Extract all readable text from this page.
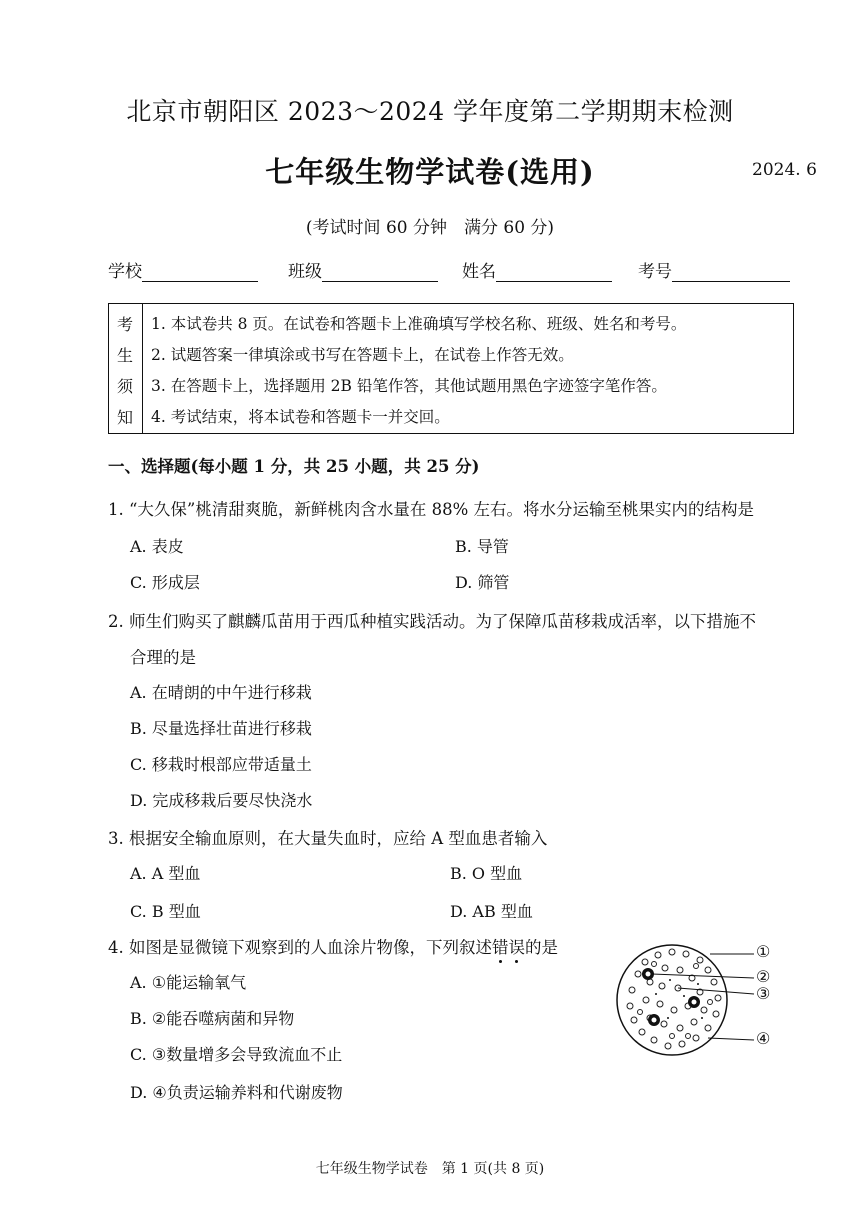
北京市朝阳区 2023～2024 学年度第二学期期末检测
七年级生物学试卷(选用)	2024. 6
(考试时间 60 分钟　满分 60 分)
学校	班级	姓名	考号
考
生
须
知
1. 本试卷共 8 页。在试卷和答题卡上准确填写学校名称、班级、姓名和考号。
2. 试题答案一律填涂或书写在答题卡上，在试卷上作答无效。
3. 在答题卡上，选择题用 2B 铅笔作答，其他试题用黑色字迹签字笔作答。
4. 考试结束，将本试卷和答题卡一并交回。
一、选择题(每小题 1 分，共 25 小题，共 25 分)
1. “大久保”桃清甜爽脆，新鲜桃肉含水量在 88% 左右。将水分运输至桃果实内的结构是
A. 表皮	B. 导管
C. 形成层	D. 筛管
2. 师生们购买了麒麟瓜苗用于西瓜种植实践活动。为了保障瓜苗移栽成活率，以下措施不
合理的是
A. 在晴朗的中午进行移栽
B. 尽量选择壮苗进行移栽
C. 移栽时根部应带适量土
D. 完成移栽后要尽快浇水
3. 根据安全输血原则，在大量失血时，应给 A 型血患者输入
A. A 型血	B. O 型血
C. B 型血	D. AB 型血
4. 如图是显微镜下观察到的人血涂片物像，下列叙述错误
的是
A. ①能运输氧气
B. ②能吞噬病菌和异物
C. ③数量增多会导致流血不止
D. ④负责运输养料和代谢废物
①
②
③
④
七年级生物学试卷　第 1 页(共 8 页)
